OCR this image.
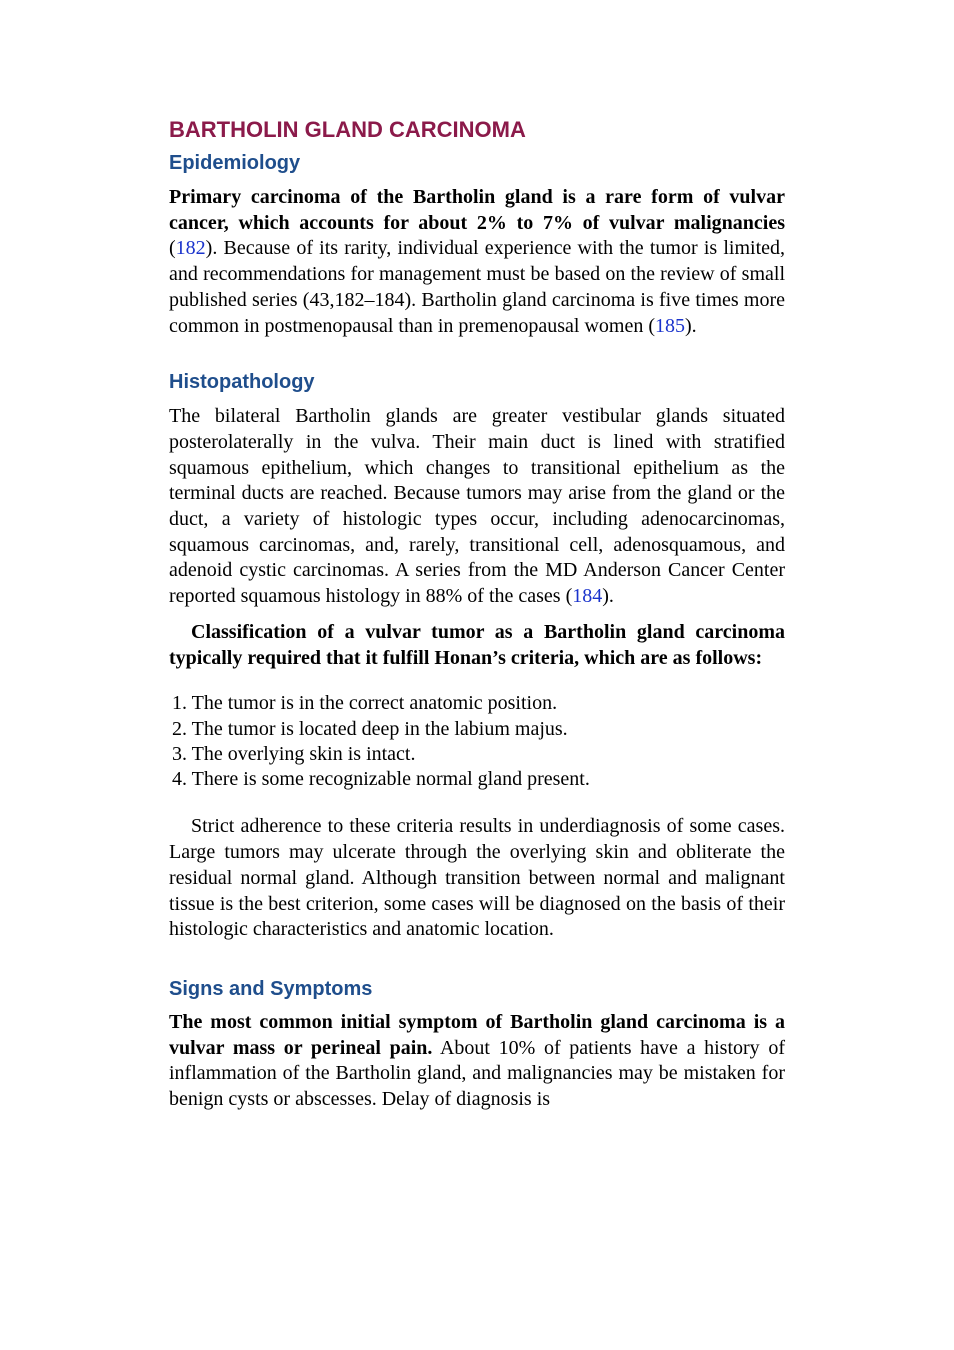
BARTHOLIN GLAND CARCINOMA
Epidemiology

Primary carcinoma of the Bartholin gland is a rare form of vulvar cancer, which accounts for about 2% to 7% of vulvar malignancies (182). Because of its rarity, individual experience with the tumor is limited, and recommendations for management must be based on the review of small published series (43,182–184). Bartholin gland carcinoma is five times more common in postmenopausal than in premenopausal women (185).

Histopathology

The bilateral Bartholin glands are greater vestibular glands situated posterolaterally in the vulva. Their main duct is lined with stratified squamous epithelium, which changes to transitional epithelium as the terminal ducts are reached. Because tumors may arise from the gland or the duct, a variety of histologic types occur, including adenocarcinomas, squamous carcinomas, and, rarely, transitional cell, adenosquamous, and adenoid cystic carcinomas. A series from the MD Anderson Cancer Center reported squamous histology in 88% of the cases (184).

Classification of a vulvar tumor as a Bartholin gland carcinoma typically required that it fulfill Honan’s criteria, which are as follows:

1. The tumor is in the correct anatomic position.
2. The tumor is located deep in the labium majus.
3. The overlying skin is intact.
4. There is some recognizable normal gland present.

Strict adherence to these criteria results in underdiagnosis of some cases. Large tumors may ulcerate through the overlying skin and obliterate the residual normal gland. Although transition between normal and malignant tissue is the best criterion, some cases will be diagnosed on the basis of their histologic characteristics and anatomic location.

Signs and Symptoms

The most common initial symptom of Bartholin gland carcinoma is a vulvar mass or perineal pain. About 10% of patients have a history of inflammation of the Bartholin gland, and malignancies may be mistaken for benign cysts or abscesses. Delay of diagnosis is
